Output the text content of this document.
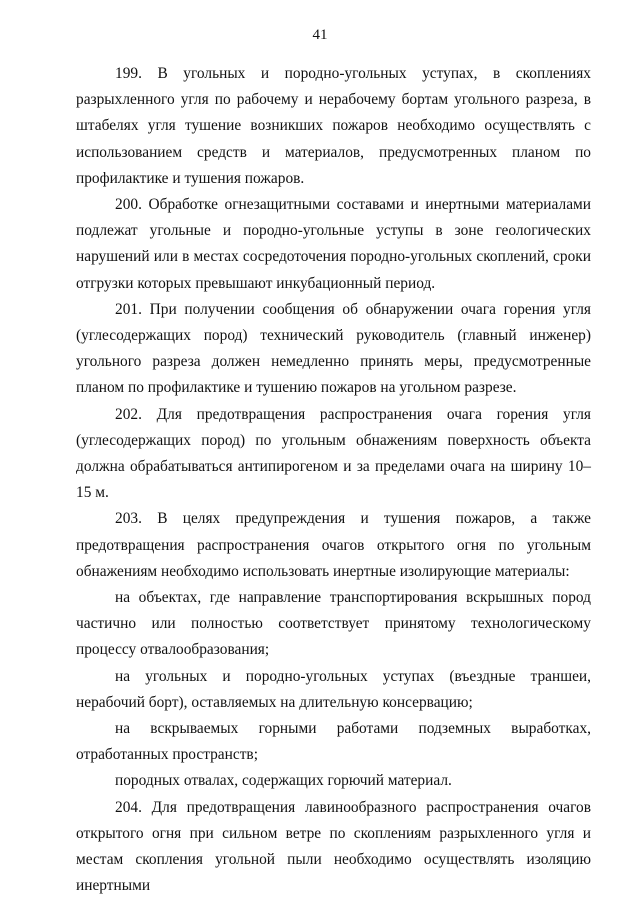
41

199. В угольных и породно-угольных уступах, в скоплениях разрыхленного угля по рабочему и нерабочему бортам угольного разреза, в штабелях угля тушение возникших пожаров необходимо осуществлять с использованием средств и материалов, предусмотренных планом по профилактике и тушения пожаров.

200. Обработке огнезащитными составами и инертными материалами подлежат угольные и породно-угольные уступы в зоне геологических нарушений или в местах сосредоточения породно-угольных скоплений, сроки отгрузки которых превышают инкубационный период.

201. При получении сообщения об обнаружении очага горения угля (углесодержащих пород) технический руководитель (главный инженер) угольного разреза должен немедленно принять меры, предусмотренные планом по профилактике и тушению пожаров на угольном разрезе.

202. Для предотвращения распространения очага горения угля (углесодержащих пород) по угольным обнажениям поверхность объекта должна обрабатываться антипирогеном и за пределами очага на ширину 10–15 м.

203. В целях предупреждения и тушения пожаров, а также предотвращения распространения очагов открытого огня по угольным обнажениям необходимо использовать инертные изолирующие материалы:

на объектах, где направление транспортирования вскрышных пород частично или полностью соответствует принятому технологическому процессу отвалообразования;

на угольных и породно-угольных уступах (въездные траншеи, нерабочий борт), оставляемых на длительную консервацию;

на вскрываемых горными работами подземных выработках, отработанных пространств;

породных отвалах, содержащих горючий материал.

204. Для предотвращения лавинообразного распространения очагов открытого огня при сильном ветре по скоплениям разрыхленного угля и местам скопления угольной пыли необходимо осуществлять изоляцию инертными
